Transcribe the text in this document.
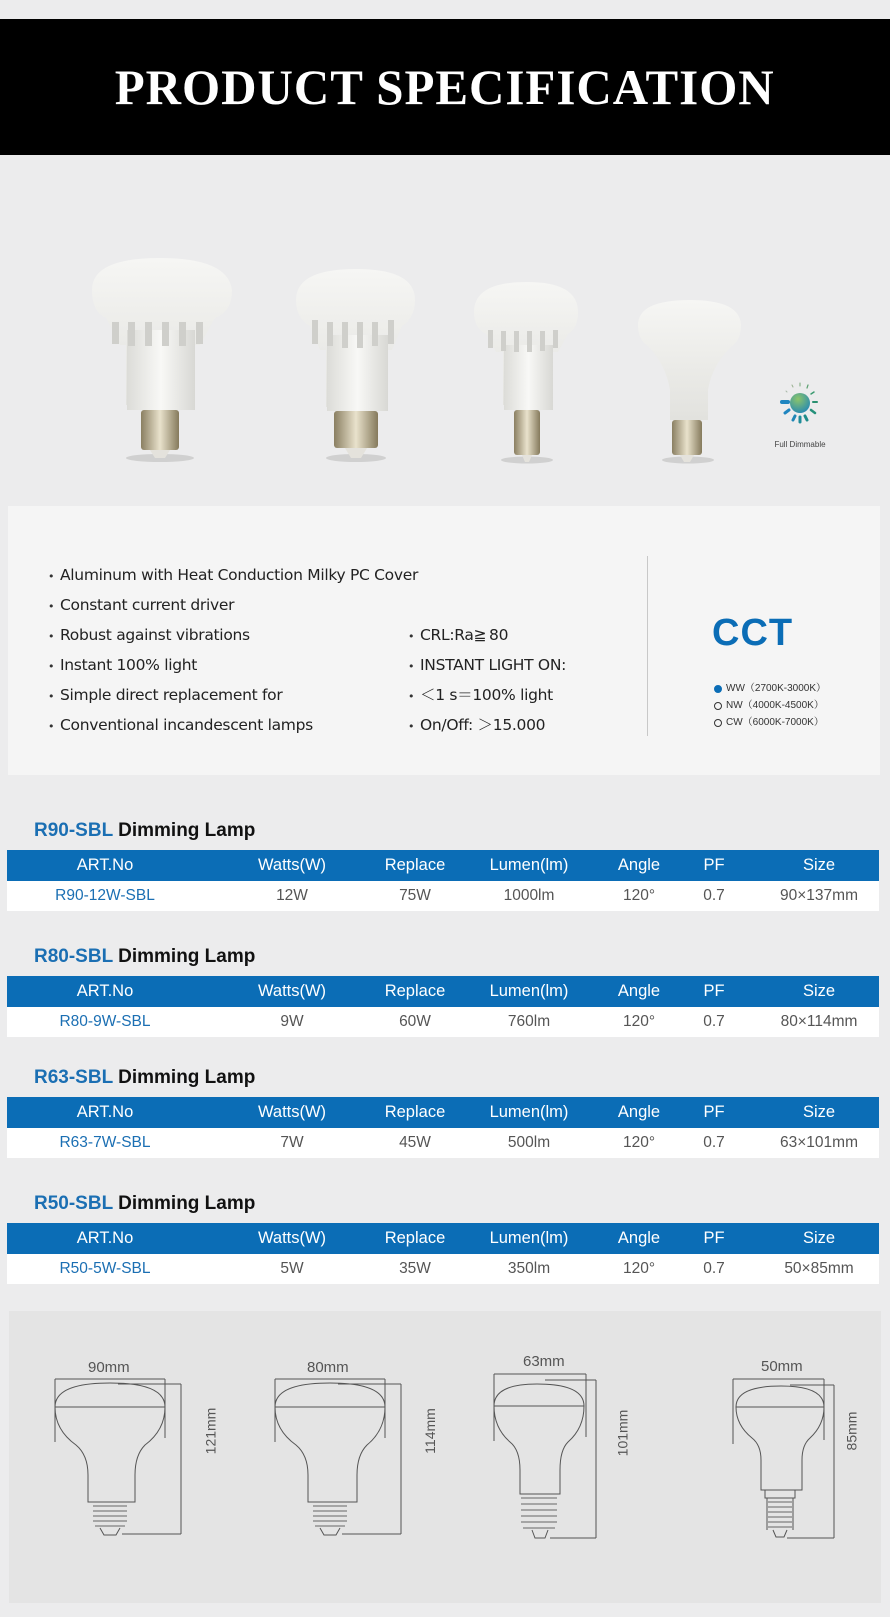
PRODUCT SPECIFICATION
Full Dimmable
• Aluminum with Heat Conduction Milky PC Cover
• Constant current driver
• Robust against vibrations
• Instant 100% light
• Simple direct replacement for
• Conventional incandescent lamps
• CRL:Ra≧ 80
• INSTANT LIGHT ON:
• ＜1 s＝100% light
• On/Off: ＞15.000
CCT
WW（2700K-3000K）
NW（4000K-4500K）
CW（6000K-7000K）
R90-SBL Dimming Lamp
ART.No	Watts(W)	Replace	Lumen(lm)	Angle	PF	Size
R90-12W-SBL	12W	75W	1000lm	120°	0.7	90×137mm
R80-SBL Dimming Lamp
ART.No	Watts(W)	Replace	Lumen(lm)	Angle	PF	Size
R80-9W-SBL	9W	60W	760lm	120°	0.7	80×114mm
R63-SBL Dimming Lamp
ART.No	Watts(W)	Replace	Lumen(lm)	Angle	PF	Size
R63-7W-SBL	7W	45W	500lm	120°	0.7	63×101mm
R50-SBL Dimming Lamp
ART.No	Watts(W)	Replace	Lumen(lm)	Angle	PF	Size
R50-5W-SBL	5W	35W	350lm	120°	0.7	50×85mm
90mm
121mm
80mm
114mm
63mm
101mm
50mm
85mm
